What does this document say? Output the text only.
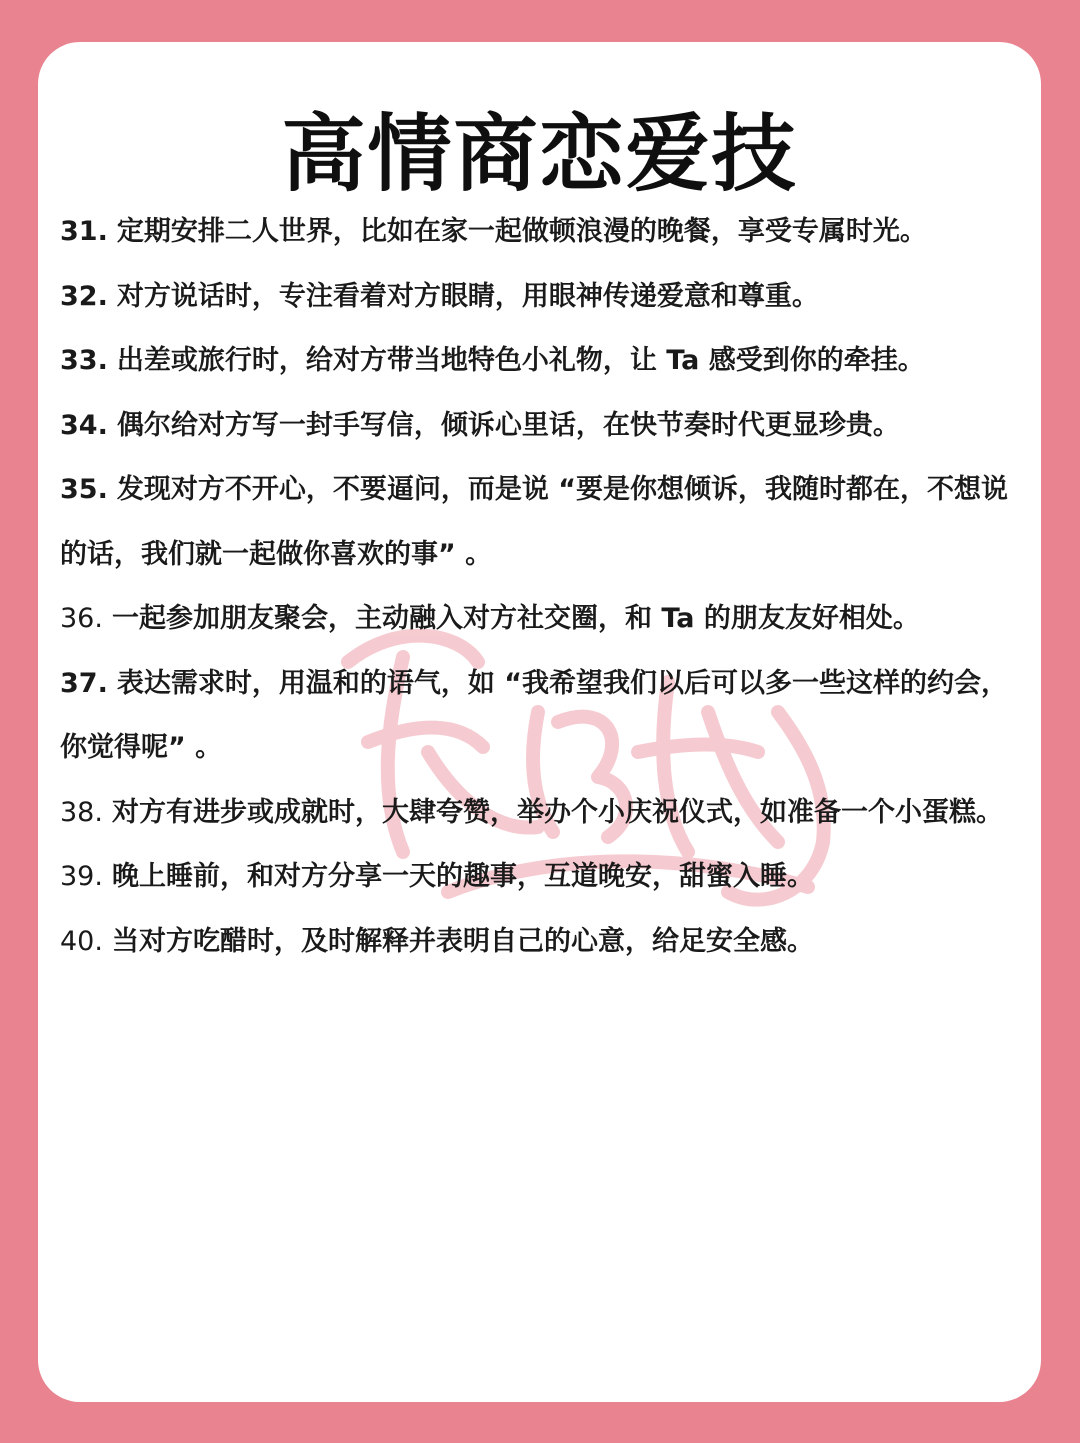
高情商恋爱技
31. 定期安排二人世界，比如在家一起做顿浪漫的晚餐，享受专属时光。
32. 对方说话时，专注看着对方眼睛，用眼神传递爱意和尊重。
33. 出差或旅行时，给对方带当地特色小礼物，让 Ta 感受到你的牵挂。
34. 偶尔给对方写一封手写信，倾诉心里话，在快节奏时代更显珍贵。
35. 发现对方不开心，不要逼问，而是说 “要是你想倾诉，我随时都在，不想说的话，我们就一起做你喜欢的事” 。
36. 一起参加朋友聚会，主动融入对方社交圈，和 Ta 的朋友友好相处。
37. 表达需求时，用温和的语气，如 “我希望我们以后可以多一些这样的约会，你觉得呢” 。
38. 对方有进步或成就时，大肆夸赞，举办个小庆祝仪式，如准备一个小蛋糕。
39. 晚上睡前，和对方分享一天的趣事，互道晚安，甜蜜入睡。
40. 当对方吃醋时，及时解释并表明自己的心意，给足安全感。
